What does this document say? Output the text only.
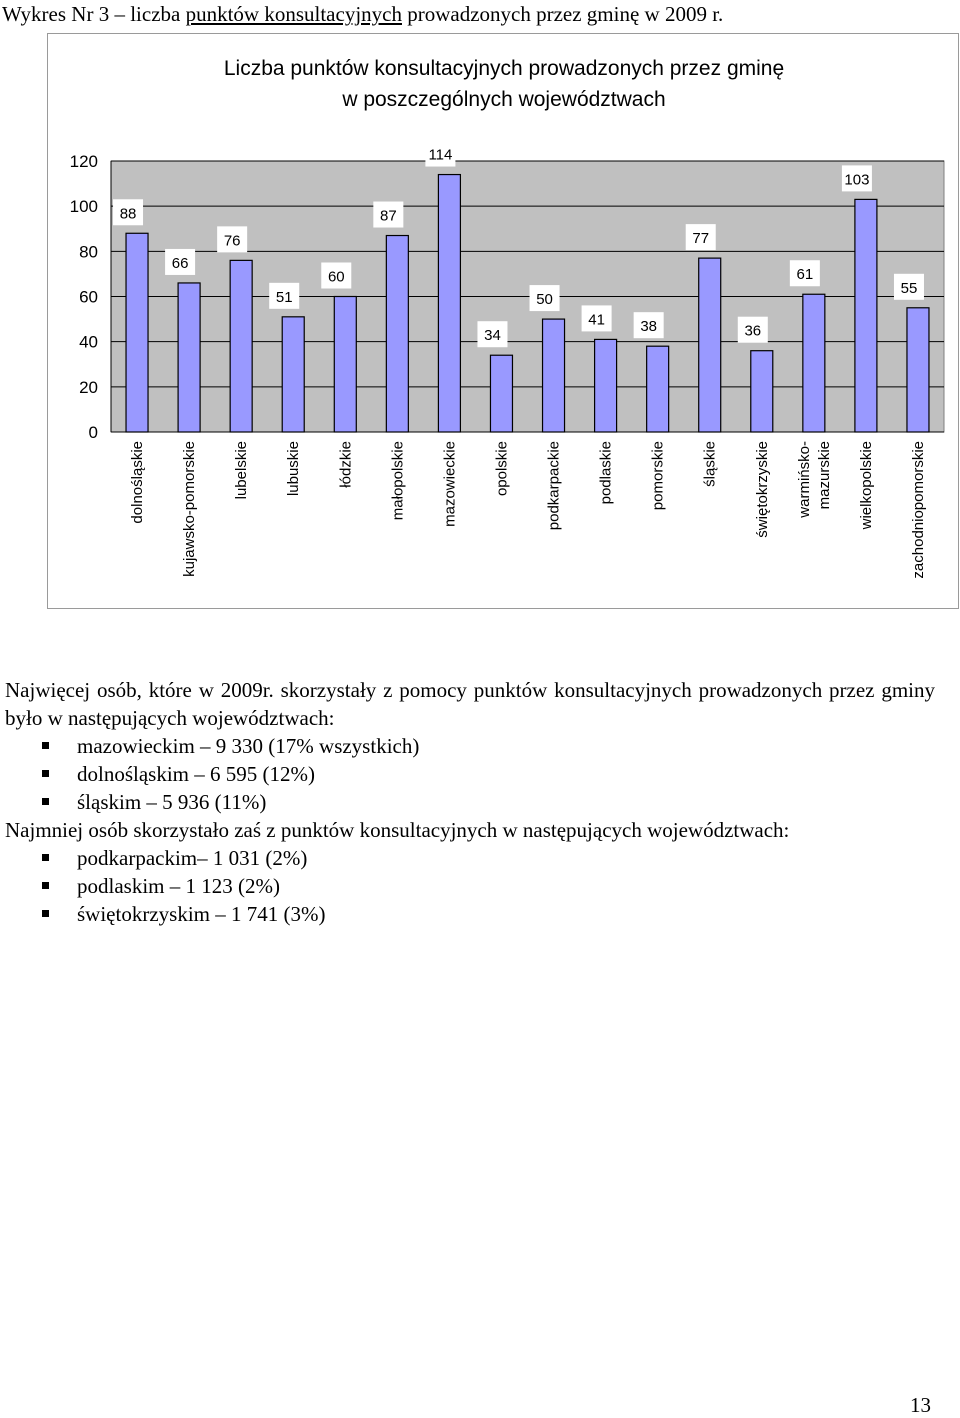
Wykres Nr 3 – liczba punktów konsultacyjnych prowadzonych przez gminę w 2009 r.
Liczba punktów konsultacyjnych prowadzonych przez gminę
w poszczególnych województwach
0
20
40
60
80
100
120
88
dolnośląskie
66
kujawsko-pomorskie
76
lubelskie
51
lubuskie
60
łódzkie
87
małopolskie
114
mazowieckie
34
opolskie
50
podkarpackie
41
podlaskie
38
pomorskie
77
śląskie
36
świętokrzyskie
61
warmińsko- mazurskie
103
wielkopolskie
55
zachodniopomorskie

Najwięcej osób, które w 2009r. skorzystały z pomocy punktów konsultacyjnych prowadzonych przez gminy było w następujących województwach:

mazowieckim – 9 330 (17% wszystkich)
dolnośląskim – 6 595 (12%)
śląskim – 5 936 (11%)

Najmniej osób skorzystało zaś z punktów konsultacyjnych w następujących województwach:

podkarpackim– 1 031 (2%)
podlaskim – 1 123 (2%)
świętokrzyskim – 1 741 (3%)
13
